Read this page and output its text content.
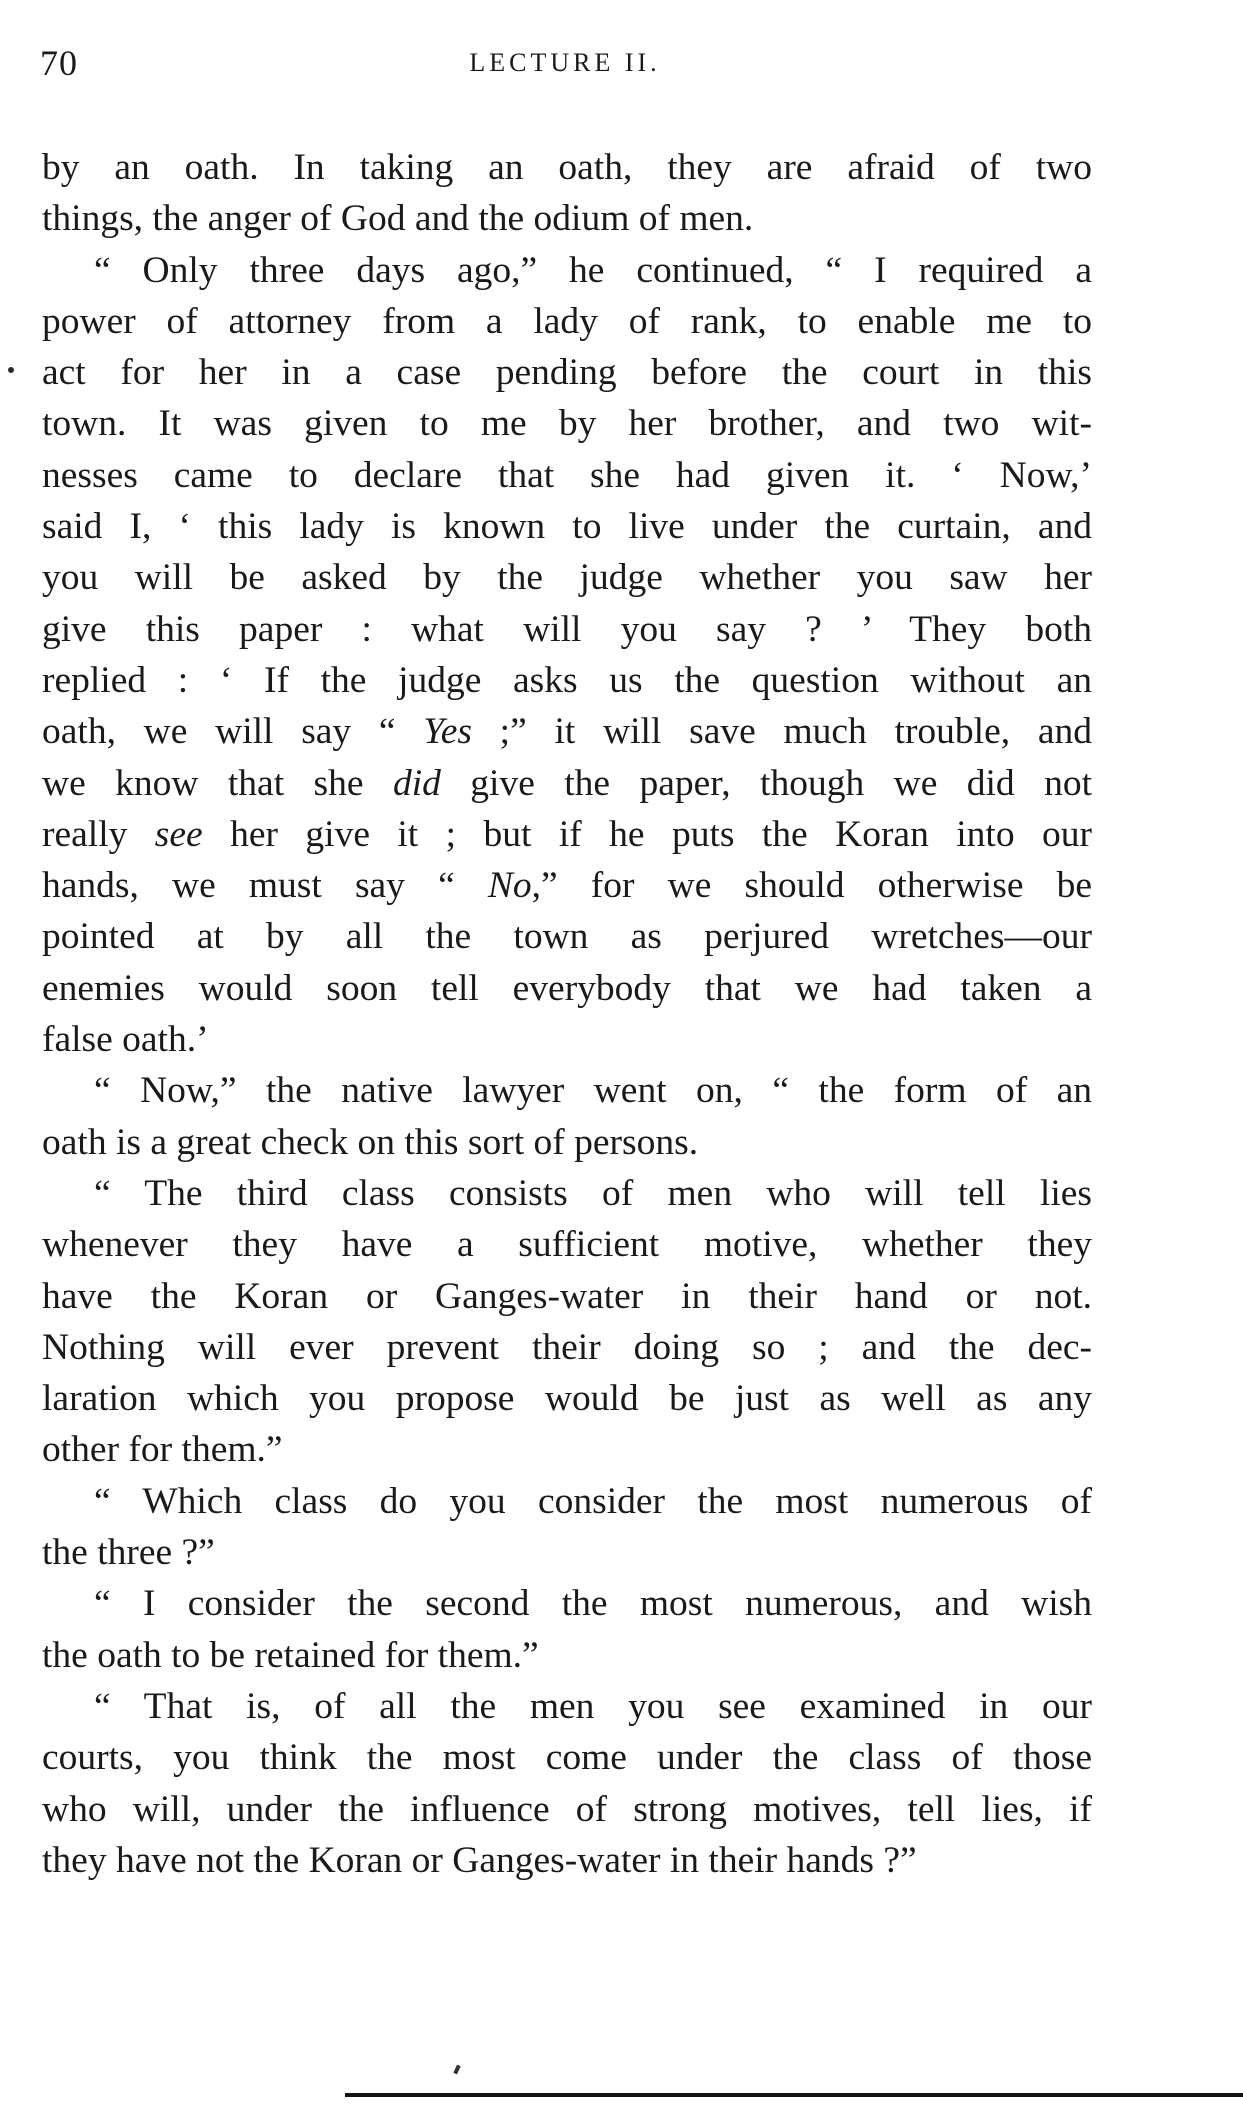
70	LECTURE II.
by an oath. In taking an oath, they are afraid of two
things, the anger of God and the odium of men.
“ Only three days ago,” he continued, “ I required a
power of attorney from a lady of rank, to enable me to
act for her in a case pending before the court in this
town. It was given to me by her brother, and two wit-
nesses came to declare that she had given it. ‘ Now,’
said I, ‘ this lady is known to live under the curtain, and
you will be asked by the judge whether you saw her
give this paper : what will you say ? ’ They both
replied : ‘ If the judge asks us the question without an
oath, we will say “ Yes ;” it will save much trouble, and
we know that she did give the paper, though we did not
really see her give it ; but if he puts the Koran into our
hands, we must say “ No,” for we should otherwise be
pointed at by all the town as perjured wretches—our
enemies would soon tell everybody that we had taken a
false oath.’
“ Now,” the native lawyer went on, “ the form of an
oath is a great check on this sort of persons.
“ The third class consists of men who will tell lies
whenever they have a sufficient motive, whether they
have the Koran or Ganges-water in their hand or not.
Nothing will ever prevent their doing so ; and the dec-
laration which you propose would be just as well as any
other for them.”
“ Which class do you consider the most numerous of
the three ?”
“ I consider the second the most numerous, and wish
the oath to be retained for them.”
“ That is, of all the men you see examined in our
courts, you think the most come under the class of those
who will, under the influence of strong motives, tell lies, if
they have not the Koran or Ganges-water in their hands ?”
